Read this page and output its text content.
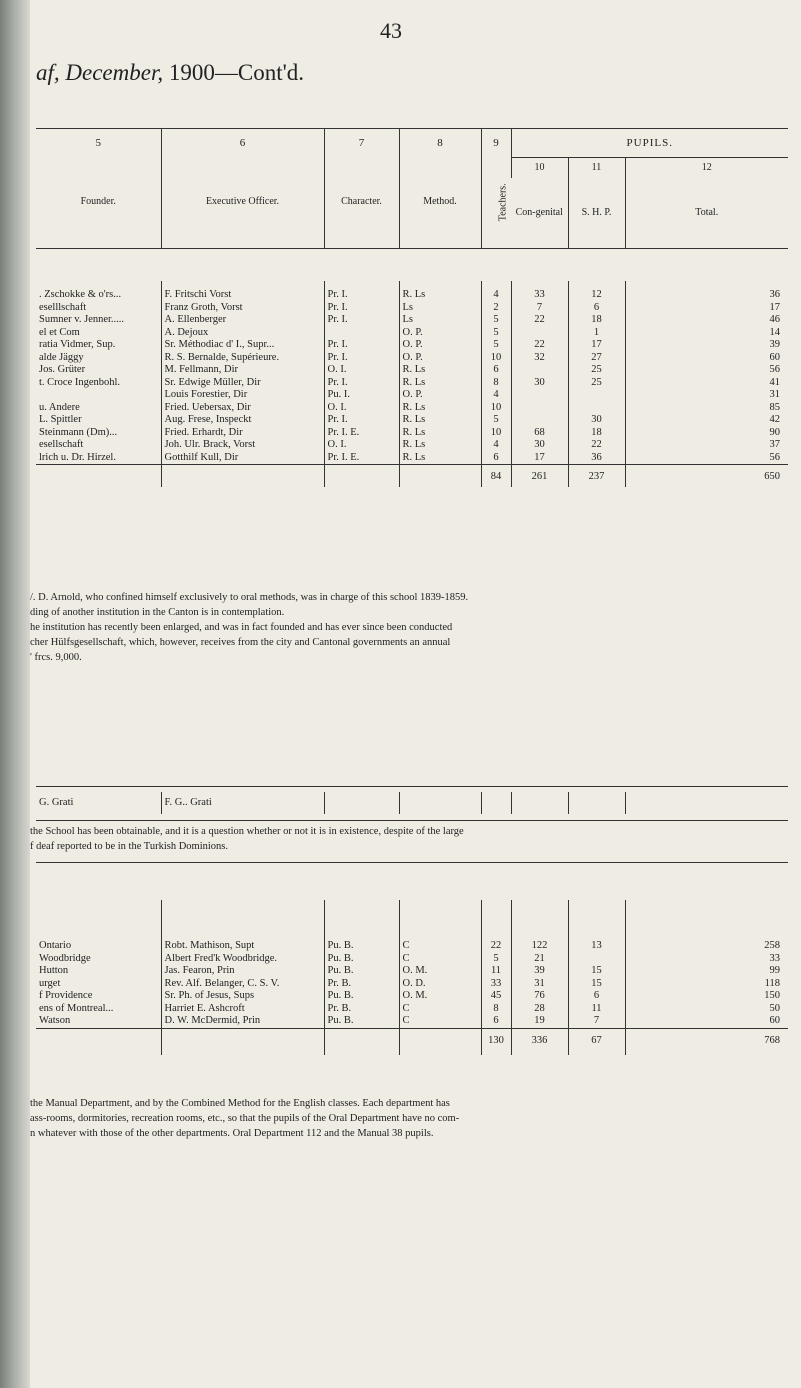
43
af, December, 1900—Cont'd.
5	6	7	8	9	PUPILS.		
Founder.	Executive Officer.	Character.	Method.	Teachers.	10	11	12
					Con-genital	S. H. P.	Total.

. Zschokke & o'rs...	F. Fritschi Vorst	Pr. I.	R. Ls	4	33	12	36
eselllschaft	Franz Groth, Vorst	Pr. I.	Ls	2	7	6	17
Sumner v. Jenner.....	A. Ellenberger	Pr. I.	Ls	5	22	18	46
el et Com	A. Dejoux		O. P.	5		1	14
ratia Vidmer, Sup.	Sr. Méthodiac d' I., Supr...	Pr. I.	O. P.	5	22	17	39
alde Jäggy	R. S. Bernalde, Supérieure.	Pr. I.	O. P.	10	32	27	60
Jos. Grüter	M. Fellmann, Dir	O. I.	R. Ls	6		25	56
t. Croce Ingenbohl.	Sr. Edwige Müller, Dir	Pr. I.	R. Ls	8	30	25	41
	Louis Forestier, Dir	Pu. I.	O. P.	4			31
u. Andere	Fried. Uebersax, Dir	O. I.	R. Ls	10			85
L. Spittler	Aug. Frese, Inspeckt	Pr. I.	R. Ls	5		30	42
Steinmann (Dm)...	Fried. Erhardt, Dir	Pr. I. E.	R. Ls	10	68	18	90
esellschaft	Joh. Ulr. Brack, Vorst	O. I.	R. Ls	4	30	22	37
lrich u. Dr. Hirzel.	Gotthilf Kull, Dir	Pr. I. E.	R. Ls	6	17	36	56
				84	261	237	650

/. D. Arnold, who confined himself exclusively to oral methods, was in charge of this school 1839-1859.

ding of another institution in the Canton is in contemplation.

he institution has recently been enlarged, and was in fact founded and has ever since been conducted

cher Hülfsgesellschaft, which, however, receives from the city and Cantonal governments an annual

' frcs. 9,000.

G. Grati	F. G.. Grati						

the School has been obtainable, and it is a question whether or not it is in existence, despite of the large

f deaf reported to be in the Turkish Dominions.

Ontario	Robt. Mathison, Supt	Pu. B.	C	22	122	13	258
Woodbridge	Albert Fred'k Woodbridge.	Pu. B.	C	5	21		33
Hutton	Jas. Fearon, Prin	Pu. B.	O. M.	11	39	15	99
urget	Rev. Alf. Belanger, C. S. V.	Pr. B.	O. D.	33	31	15	118
f Providence	Sr. Ph. of Jesus, Sups	Pu. B.	O. M.	45	76	6	150
ens of Montreal...	Harriet E. Ashcroft	Pr. B.	C	8	28	11	50
Watson	D. W. McDermid, Prin	Pu. B.	C	6	19	7	60
				130	336	67	768

the Manual Department, and by the Combined Method for the English classes. Each department has

ass-rooms, dormitories, recreation rooms, etc., so that the pupils of the Oral Department have no com-

n whatever with those of the other departments. Oral Department 112 and the Manual 38 pupils.
